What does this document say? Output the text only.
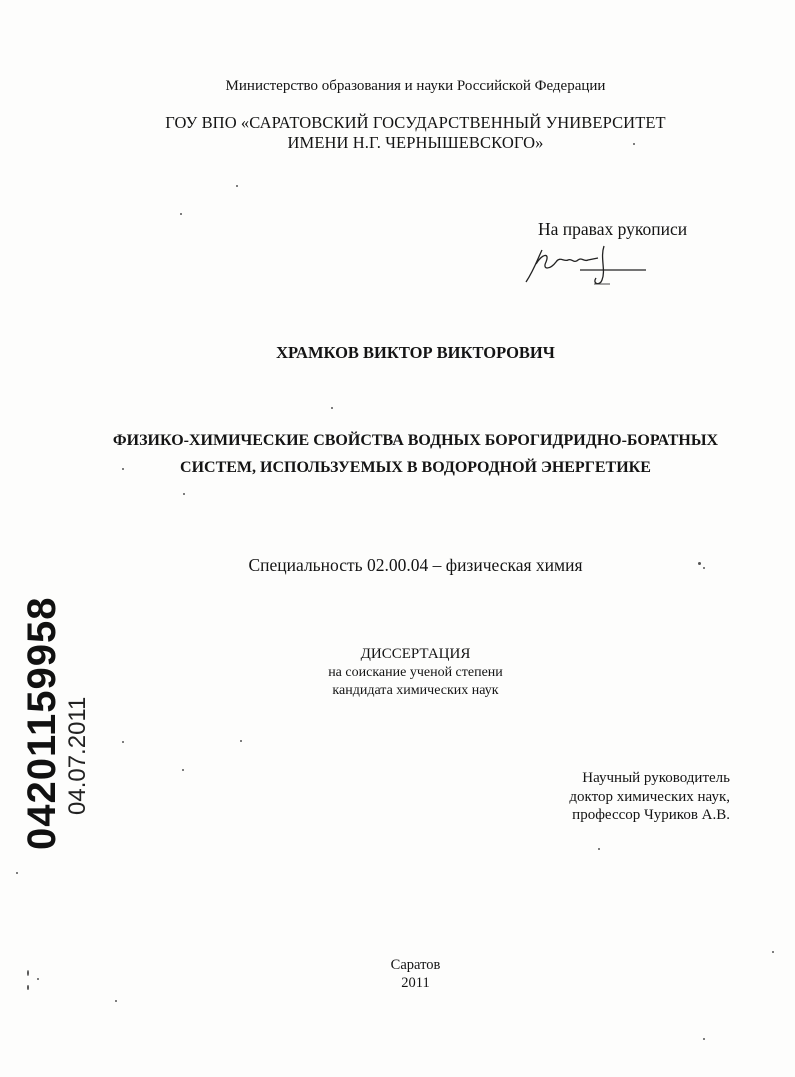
Министерство образования и науки Российской Федерации
ГОУ ВПО «САРАТОВСКИЙ ГОСУДАРСТВЕННЫЙ УНИВЕРСИТЕТ
ИМЕНИ Н.Г. ЧЕРНЫШЕВСКОГО»
На правах рукописи
ХРАМКОВ ВИКТОР ВИКТОРОВИЧ
ФИЗИКО-ХИМИЧЕСКИЕ СВОЙСТВА ВОДНЫХ БОРОГИДРИДНО-БОРАТНЫХ
СИСТЕМ, ИСПОЛЬЗУЕМЫХ В ВОДОРОДНОЙ ЭНЕРГЕТИКЕ
Специальность 02.00.04 – физическая химия
ДИССЕРТАЦИЯ
на соискание ученой степени
кандидата химических наук
Научный руководитель
доктор химических наук,
профессор Чуриков А.В.
Саратов
2011
04201159958 04.07.2011
